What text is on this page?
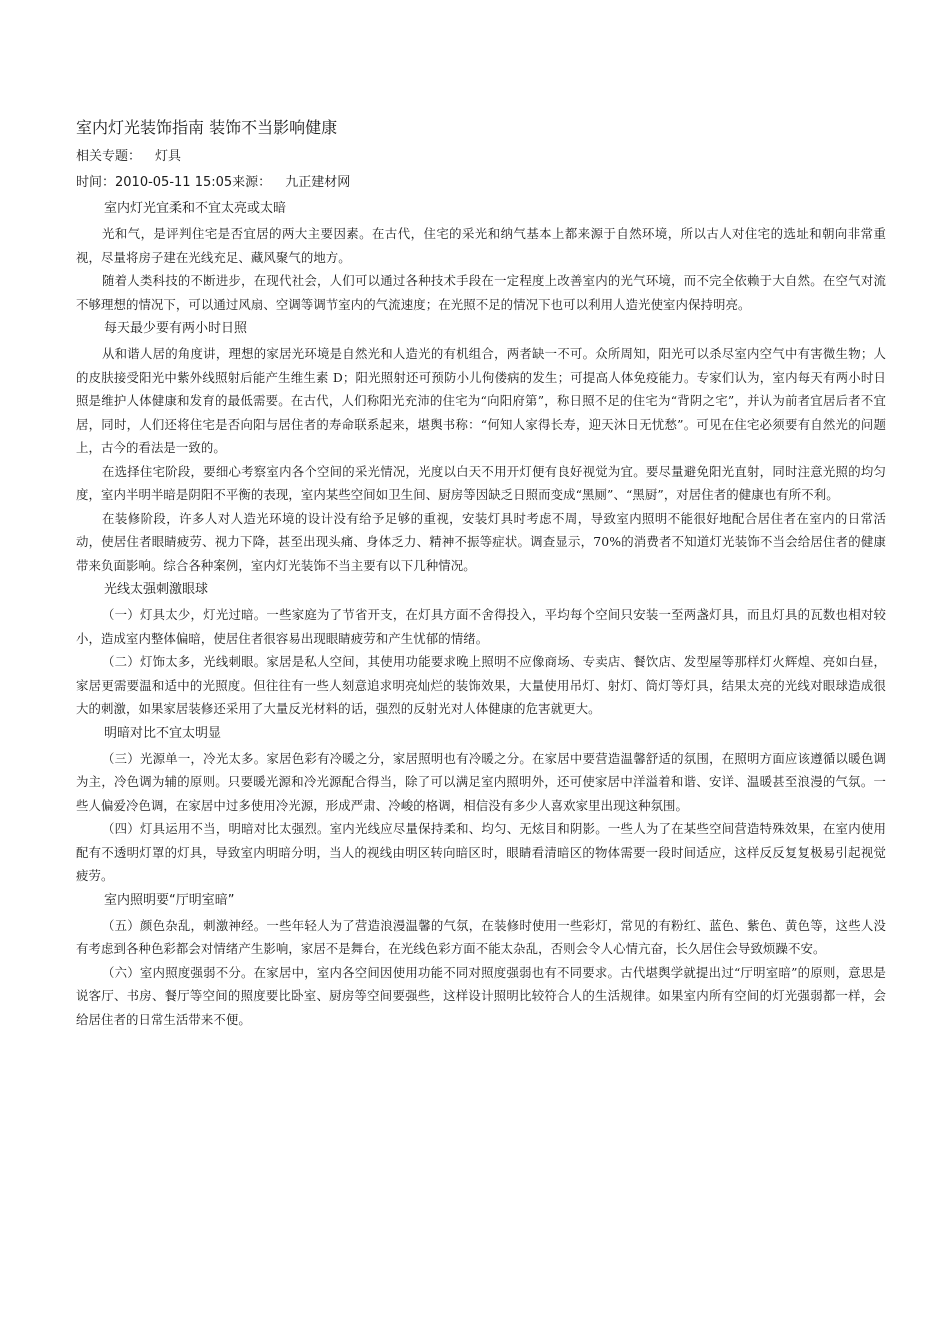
室内灯光装饰指南 装饰不当影响健康

相关专题： 灯具

时间：2010-05-11 15:05来源： 九正建材网

室内灯光宜柔和不宜太亮或太暗

光和气，是评判住宅是否宜居的两大主要因素。在古代，住宅的采光和纳气基本上都来源于自然环境，所以古人对住宅的选址和朝向非常重视，尽量将房子建在光线充足、藏风聚气的地方。

随着人类科技的不断进步，在现代社会，人们可以通过各种技术手段在一定程度上改善室内的光气环境，而不完全依赖于大自然。在空气对流不够理想的情况下，可以通过风扇、空调等调节室内的气流速度；在光照不足的情况下也可以利用人造光使室内保持明亮。

每天最少要有两小时日照

从和谐人居的角度讲，理想的家居光环境是自然光和人造光的有机组合，两者缺一不可。众所周知，阳光可以杀尽室内空气中有害微生物；人的皮肤接受阳光中紫外线照射后能产生维生素 D；阳光照射还可预防小儿佝偻病的发生；可提高人体免疫能力。专家们认为，室内每天有两小时日照是维护人体健康和发育的最低需要。在古代，人们称阳光充沛的住宅为“向阳府第”，称日照不足的住宅为“背阴之宅”，并认为前者宜居后者不宜居，同时，人们还将住宅是否向阳与居住者的寿命联系起来，堪舆书称：“何知人家得长寿，迎天沐日无忧愁”。可见在住宅必须要有自然光的问题上，古今的看法是一致的。

在选择住宅阶段，要细心考察室内各个空间的采光情况，光度以白天不用开灯便有良好视觉为宜。要尽量避免阳光直射，同时注意光照的均匀度，室内半明半暗是阴阳不平衡的表现，室内某些空间如卫生间、厨房等因缺乏日照而变成“黑厕”、“黑厨”，对居住者的健康也有所不利。

在装修阶段，许多人对人造光环境的设计没有给予足够的重视，安装灯具时考虑不周，导致室内照明不能很好地配合居住者在室内的日常活动，使居住者眼睛疲劳、视力下降，甚至出现头痛、身体乏力、精神不振等症状。调查显示，70%的消费者不知道灯光装饰不当会给居住者的健康带来负面影响。综合各种案例，室内灯光装饰不当主要有以下几种情况。

光线太强刺激眼球

（一）灯具太少，灯光过暗。一些家庭为了节省开支，在灯具方面不舍得投入，平均每个空间只安装一至两盏灯具，而且灯具的瓦数也相对较小，造成室内整体偏暗，使居住者很容易出现眼睛疲劳和产生忧郁的情绪。

（二）灯饰太多，光线刺眼。家居是私人空间，其使用功能要求晚上照明不应像商场、专卖店、餐饮店、发型屋等那样灯火辉煌、亮如白昼，家居更需要温和适中的光照度。但往往有一些人刻意追求明亮灿烂的装饰效果，大量使用吊灯、射灯、筒灯等灯具，结果太亮的光线对眼球造成很大的刺激，如果家居装修还采用了大量反光材料的话，强烈的反射光对人体健康的危害就更大。

明暗对比不宜太明显

（三）光源单一，冷光太多。家居色彩有冷暖之分，家居照明也有冷暖之分。在家居中要营造温馨舒适的氛围，在照明方面应该遵循以暖色调为主，冷色调为辅的原则。只要暖光源和冷光源配合得当，除了可以满足室内照明外，还可使家居中洋溢着和谐、安详、温暖甚至浪漫的气氛。一些人偏爱冷色调，在家居中过多使用冷光源，形成严肃、冷峻的格调，相信没有多少人喜欢家里出现这种氛围。

（四）灯具运用不当，明暗对比太强烈。室内光线应尽量保持柔和、均匀、无炫目和阴影。一些人为了在某些空间营造特殊效果，在室内使用配有不透明灯罩的灯具，导致室内明暗分明，当人的视线由明区转向暗区时，眼睛看清暗区的物体需要一段时间适应，这样反反复复极易引起视觉疲劳。

室内照明要“厅明室暗”

（五）颜色杂乱，刺激神经。一些年轻人为了营造浪漫温馨的气氛，在装修时使用一些彩灯，常见的有粉红、蓝色、紫色、黄色等，这些人没有考虑到各种色彩都会对情绪产生影响，家居不是舞台，在光线色彩方面不能太杂乱，否则会令人心情亢奋，长久居住会导致烦躁不安。

（六）室内照度强弱不分。在家居中，室内各空间因使用功能不同对照度强弱也有不同要求。古代堪舆学就提出过“厅明室暗”的原则，意思是说客厅、书房、餐厅等空间的照度要比卧室、厨房等空间要强些，这样设计照明比较符合人的生活规律。如果室内所有空间的灯光强弱都一样，会给居住者的日常生活带来不便。
